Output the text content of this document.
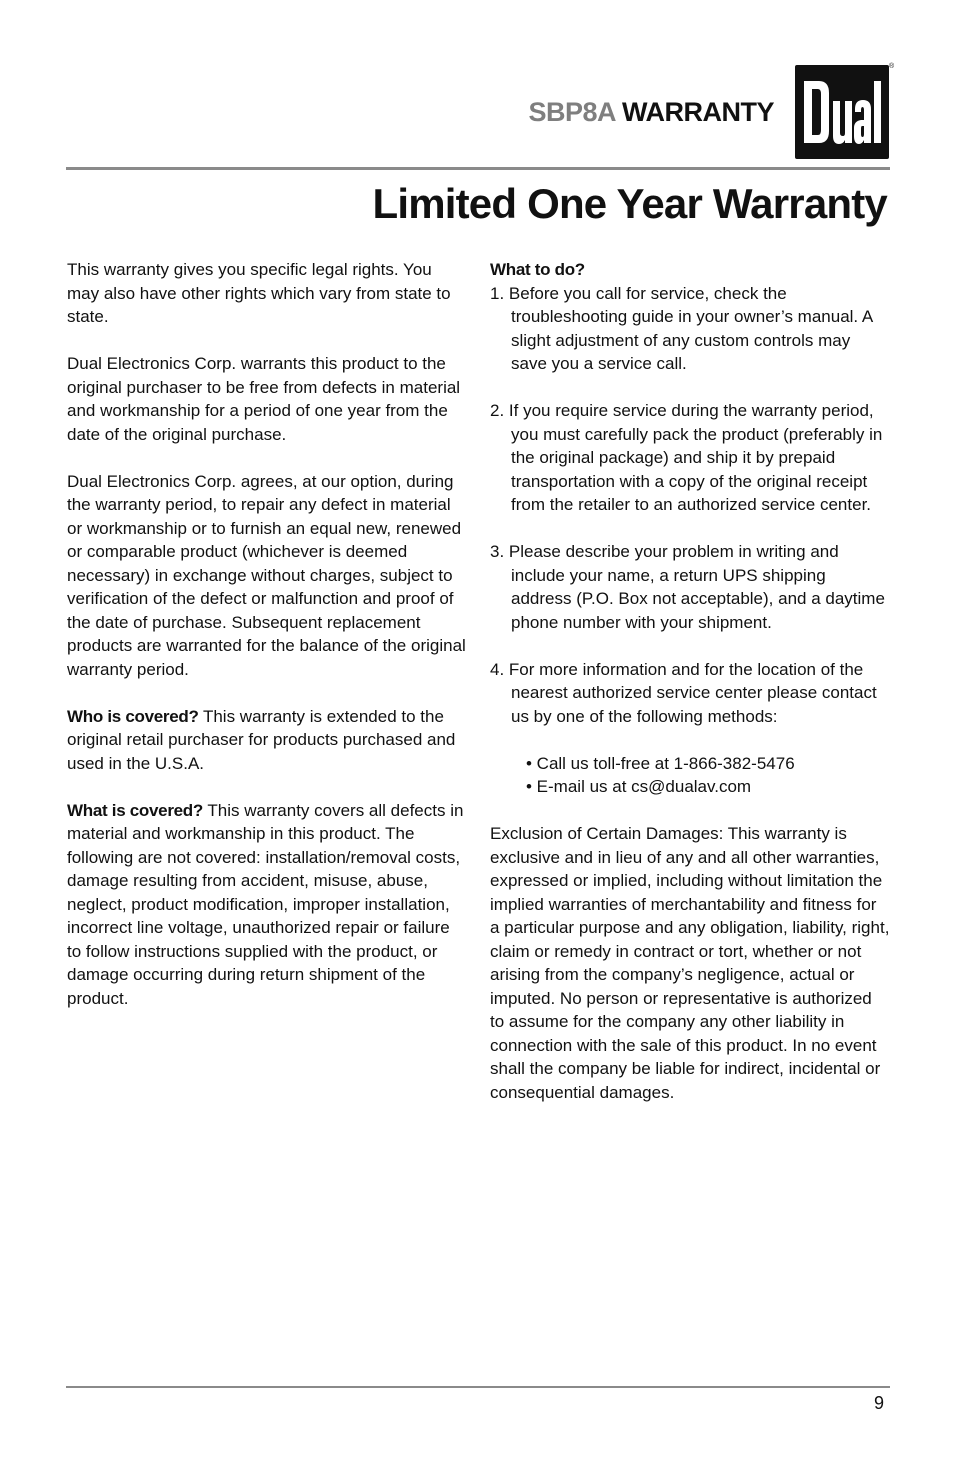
SBP8A WARRANTY
®
Limited One Year Warranty

This warranty gives you specific legal rights. You may also have other rights which vary from state to state.

Dual Electronics Corp. warrants this product to the original purchaser to be free from defects in material and workmanship for a period of one year from the date of the original purchase.

Dual Electronics Corp. agrees, at our option, during the warranty period, to repair any defect in material or workmanship or to furnish an equal new, renewed or comparable product (whichever is deemed necessary) in exchange without charges, subject to verification of the defect or malfunction and proof of the date of purchase. Subsequent replacement products are warranted for the balance of the original warranty period.

Who is covered? This warranty is extended to the original retail purchaser for products purchased and used in the U.S.A.

What is covered? This warranty covers all defects in material and workmanship in this product. The following are not covered: installation/removal costs, damage resulting from accident, misuse, abuse, neglect, product modification, improper installation, incorrect line voltage, unauthorized repair or failure to follow instructions supplied with the product, or damage occurring during return shipment of the product.

What to do?
1. Before you call for service, check the troubleshooting guide in your owner’s manual. A slight adjustment of any custom controls may save you a service call.
2. If you require service during the warranty period, you must carefully pack the product (preferably in the original package) and ship it by prepaid transportation with a copy of the original receipt from the retailer to an authorized service center.
3. Please describe your problem in writing and include your name, a return UPS shipping address (P.O. Box not acceptable), and a daytime phone number with your shipment.
4. For more information and for the location of the nearest authorized service center please contact us by one of the following methods:
• Call us toll-free at 1-866-382-5476
• E-mail us at cs@dualav.com

Exclusion of Certain Damages: This warranty is exclusive and in lieu of any and all other warranties, expressed or implied, including without limitation the implied warranties of merchantability and fitness for a particular purpose and any obligation, liability, right, claim or remedy in contract or tort, whether or not arising from the company’s negligence, actual or imputed. No person or representative is authorized to assume for the company any other liability in connection with the sale of this product. In no event shall the company be liable for indirect, incidental or consequential damages.

9
